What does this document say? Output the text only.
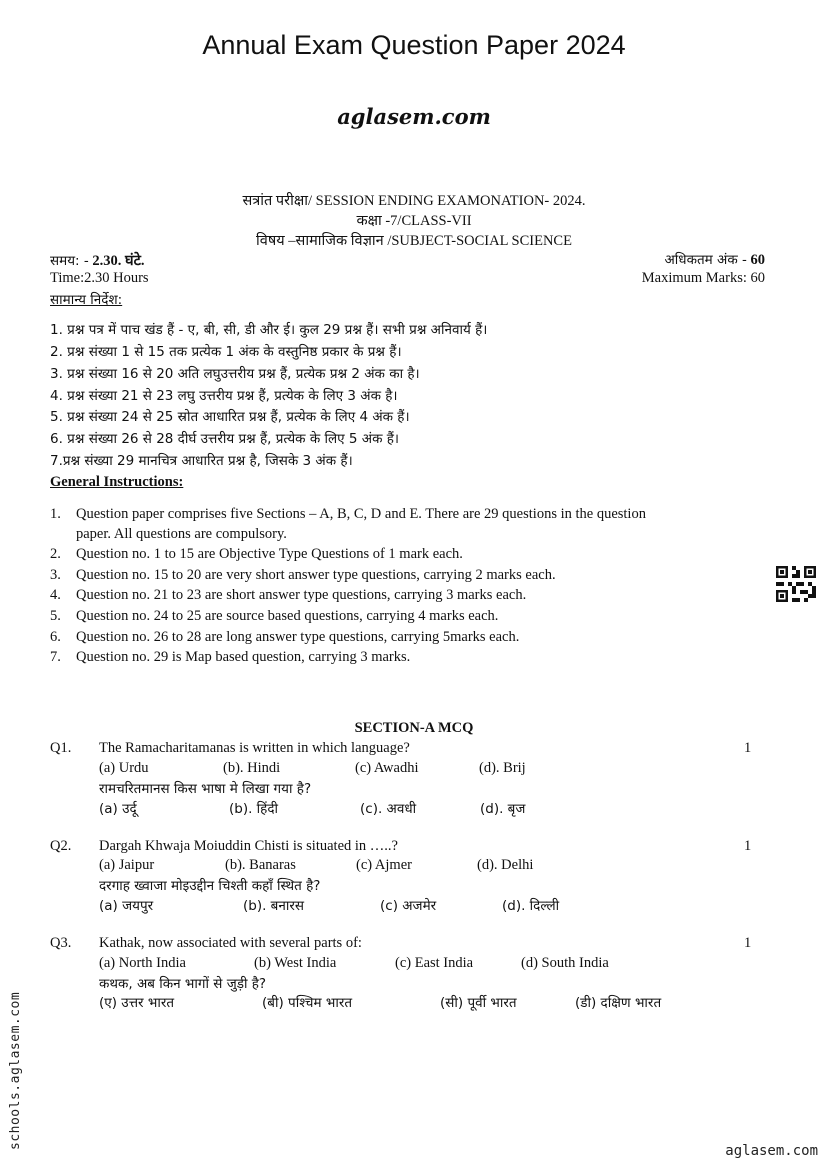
Annual Exam Question Paper 2024
aglasem.com
सत्रांत परीक्षा/ SESSION ENDING EXAMONATION- 2024.
कक्षा -7/CLASS-VII
विषय –सामाजिक विज्ञान /SUBJECT-SOCIAL SCIENCE
समय: - 2.30. घंटे.	अधिकतम अंक - 60
Time:2.30 Hours	Maximum Marks: 60
सामान्य निर्देश:
1. प्रश्न पत्र में पाच खंड हैं - ए, बी, सी, डी और ई। कुल 29 प्रश्न हैं। सभी प्रश्न अनिवार्य हैं।
2. प्रश्न संख्या 1 से 15 तक प्रत्येक 1 अंक के वस्तुनिष्ठ प्रकार के प्रश्न हैं।
3. प्रश्न संख्या 16 से 20 अति लघुउत्तरीय प्रश्न हैं, प्रत्येक प्रश्न 2 अंक का है।
4. प्रश्न संख्या 21 से 23 लघु उत्तरीय प्रश्न हैं, प्रत्येक के लिए 3 अंक है।
5. प्रश्न संख्या 24 से 25 स्रोत आधारित प्रश्न हैं, प्रत्येक के लिए 4 अंक हैं।
6. प्रश्न संख्या 26 से 28 दीर्घ उत्तरीय प्रश्न हैं, प्रत्येक के लिए 5 अंक हैं।
7.प्रश्न संख्या 29 मानचित्र आधारित प्रश्न है, जिसके 3 अंक हैं।
General Instructions:
1. Question paper comprises five Sections – A, B, C, D and E. There are 29 questions in the question
paper. All questions are compulsory.
2. Question no. 1 to 15 are Objective Type Questions of 1 mark each.
3. Question no. 15 to 20 are very short answer type questions, carrying 2 marks each.
4. Question no. 21 to 23 are short answer type questions, carrying 3 marks each.
5. Question no. 24 to 25 are source based questions, carrying 4 marks each.
6. Question no. 26 to 28 are long answer type questions, carrying 5marks each.
7. Question no. 29 is Map based question, carrying 3 marks.
SECTION-A MCQ
Q1. The Ramacharitamanas is written in which language?	1
(a) Urdu	(b). Hindi	(c) Awadhi	(d). Brij
रामचरितमानस किस भाषा मे लिखा गया है?
(a) उर्दू	(b). हिंदी	(c). अवधी	(d). बृज
Q2. Dargah Khwaja Moiuddin Chisti is situated in …..?	1
(a) Jaipur	(b). Banaras	(c) Ajmer	(d). Delhi
दरगाह ख्वाजा मोइउद्दीन चिश्ती कहाँ स्थित है?
(a) जयपुर	(b). बनारस	(c) अजमेर	(d). दिल्ली
Q3. Kathak, now associated with several parts of:	1
(a) North India	(b) West India	(c) East India	(d) South India
कथक, अब किन भागों से जुड़ी है?
(ए) उत्तर भारत	(बी) पश्चिम भारत	(सी) पूर्वी भारत	(डी) दक्षिण भारत
schools.aglasem.com
aglasem.com
